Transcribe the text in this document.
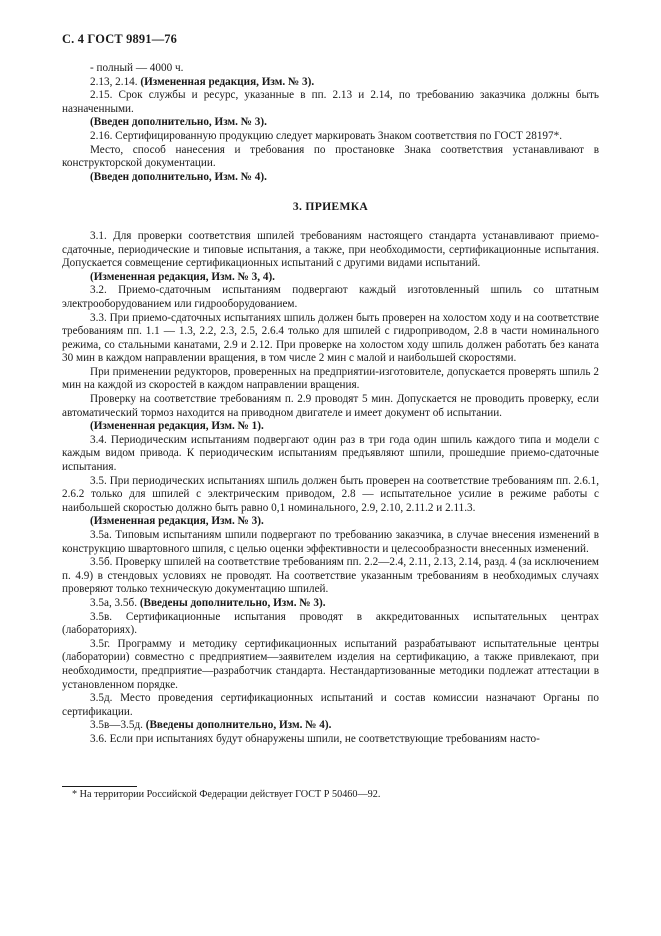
С. 4 ГОСТ 9891—76

- полный — 4000 ч.

2.13, 2.14. (Измененная редакция, Изм. № 3).

2.15. Срок службы и ресурс, указанные в пп. 2.13 и 2.14, по требованию заказчика должны быть назначенными.

(Введен дополнительно, Изм. № 3).

2.16. Сертифицированную продукцию следует маркировать Знаком соответствия по ГОСТ 28197*.

Место, способ нанесения и требования по простановке Знака соответствия устанавливают в конструкторской документации.

(Введен дополнительно, Изм. № 4).

3. ПРИЕМКА

3.1. Для проверки соответствия шпилей требованиям настоящего стандарта устанавливают приемо-сдаточные, периодические и типовые испытания, а также, при необходимости, сертификационные испытания. Допускается совмещение сертификационных испытаний с другими видами испытаний.

(Измененная редакция, Изм. № 3, 4).

3.2. Приемо-сдаточным испытаниям подвергают каждый изготовленный шпиль со штатным электрооборудованием или гидрооборудованием.

3.3. При приемо-сдаточных испытаниях шпиль должен быть проверен на холостом ходу и на соответствие требованиям пп. 1.1 — 1.3, 2.2, 2.3, 2.5, 2.6.4 только для шпилей с гидроприводом, 2.8 в части номинального режима, со стальными канатами, 2.9 и 2.12. При проверке на холостом ходу шпиль должен работать без каната 30 мин в каждом направлении вращения, в том числе 2 мин с малой и наибольшей скоростями.

При применении редукторов, проверенных на предприятии-изготовителе, допускается проверять шпиль 2 мин на каждой из скоростей в каждом направлении вращения.

Проверку на соответствие требованиям п. 2.9 проводят 5 мин. Допускается не проводить проверку, если автоматический тормоз находится на приводном двигателе и имеет документ об испытании.

(Измененная редакция, Изм. № 1).

3.4. Периодическим испытаниям подвергают один раз в три года один шпиль каждого типа и модели с каждым видом привода. К периодическим испытаниям предъявляют шпили, прошедшие приемо-сдаточные испытания.

3.5. При периодических испытаниях шпиль должен быть проверен на соответствие требованиям пп. 2.6.1, 2.6.2 только для шпилей с электрическим приводом, 2.8 — испытательное усилие в режиме работы с наибольшей скоростью должно быть равно 0,1 номинального, 2.9, 2.10, 2.11.2 и 2.11.3.

(Измененная редакция, Изм. № 3).

3.5а. Типовым испытаниям шпили подвергают по требованию заказчика, в случае внесения изменений в конструкцию швартовного шпиля, с целью оценки эффективности и целесообразности внесенных изменений.

3.5б. Проверку шпилей на соответствие требованиям пп. 2.2—2.4, 2.11, 2.13, 2.14, разд. 4 (за исключением п. 4.9) в стендовых условиях не проводят. На соответствие указанным требованиям в необходимых случаях проверяют только техническую документацию шпилей.

3.5а, 3.5б. (Введены дополнительно, Изм. № 3).

3.5в. Сертификационные испытания проводят в аккредитованных испытательных центрах (лабораториях).

3.5г. Программу и методику сертификационных испытаний разрабатывают испытательные центры (лаборатории) совместно с предприятием—заявителем изделия на сертификацию, а также привлекают, при необходимости, предприятие—разработчик стандарта. Нестандартизованные методики подлежат аттестации в установленном порядке.

3.5д. Место проведения сертификационных испытаний и состав комиссии назначают Органы по сертификации.

3.5в—3.5д. (Введены дополнительно, Изм. № 4).

3.6. Если при испытаниях будут обнаружены шпили, не соответствующие требованиям насто-

* На территории Российской Федерации действует ГОСТ Р 50460—92.
